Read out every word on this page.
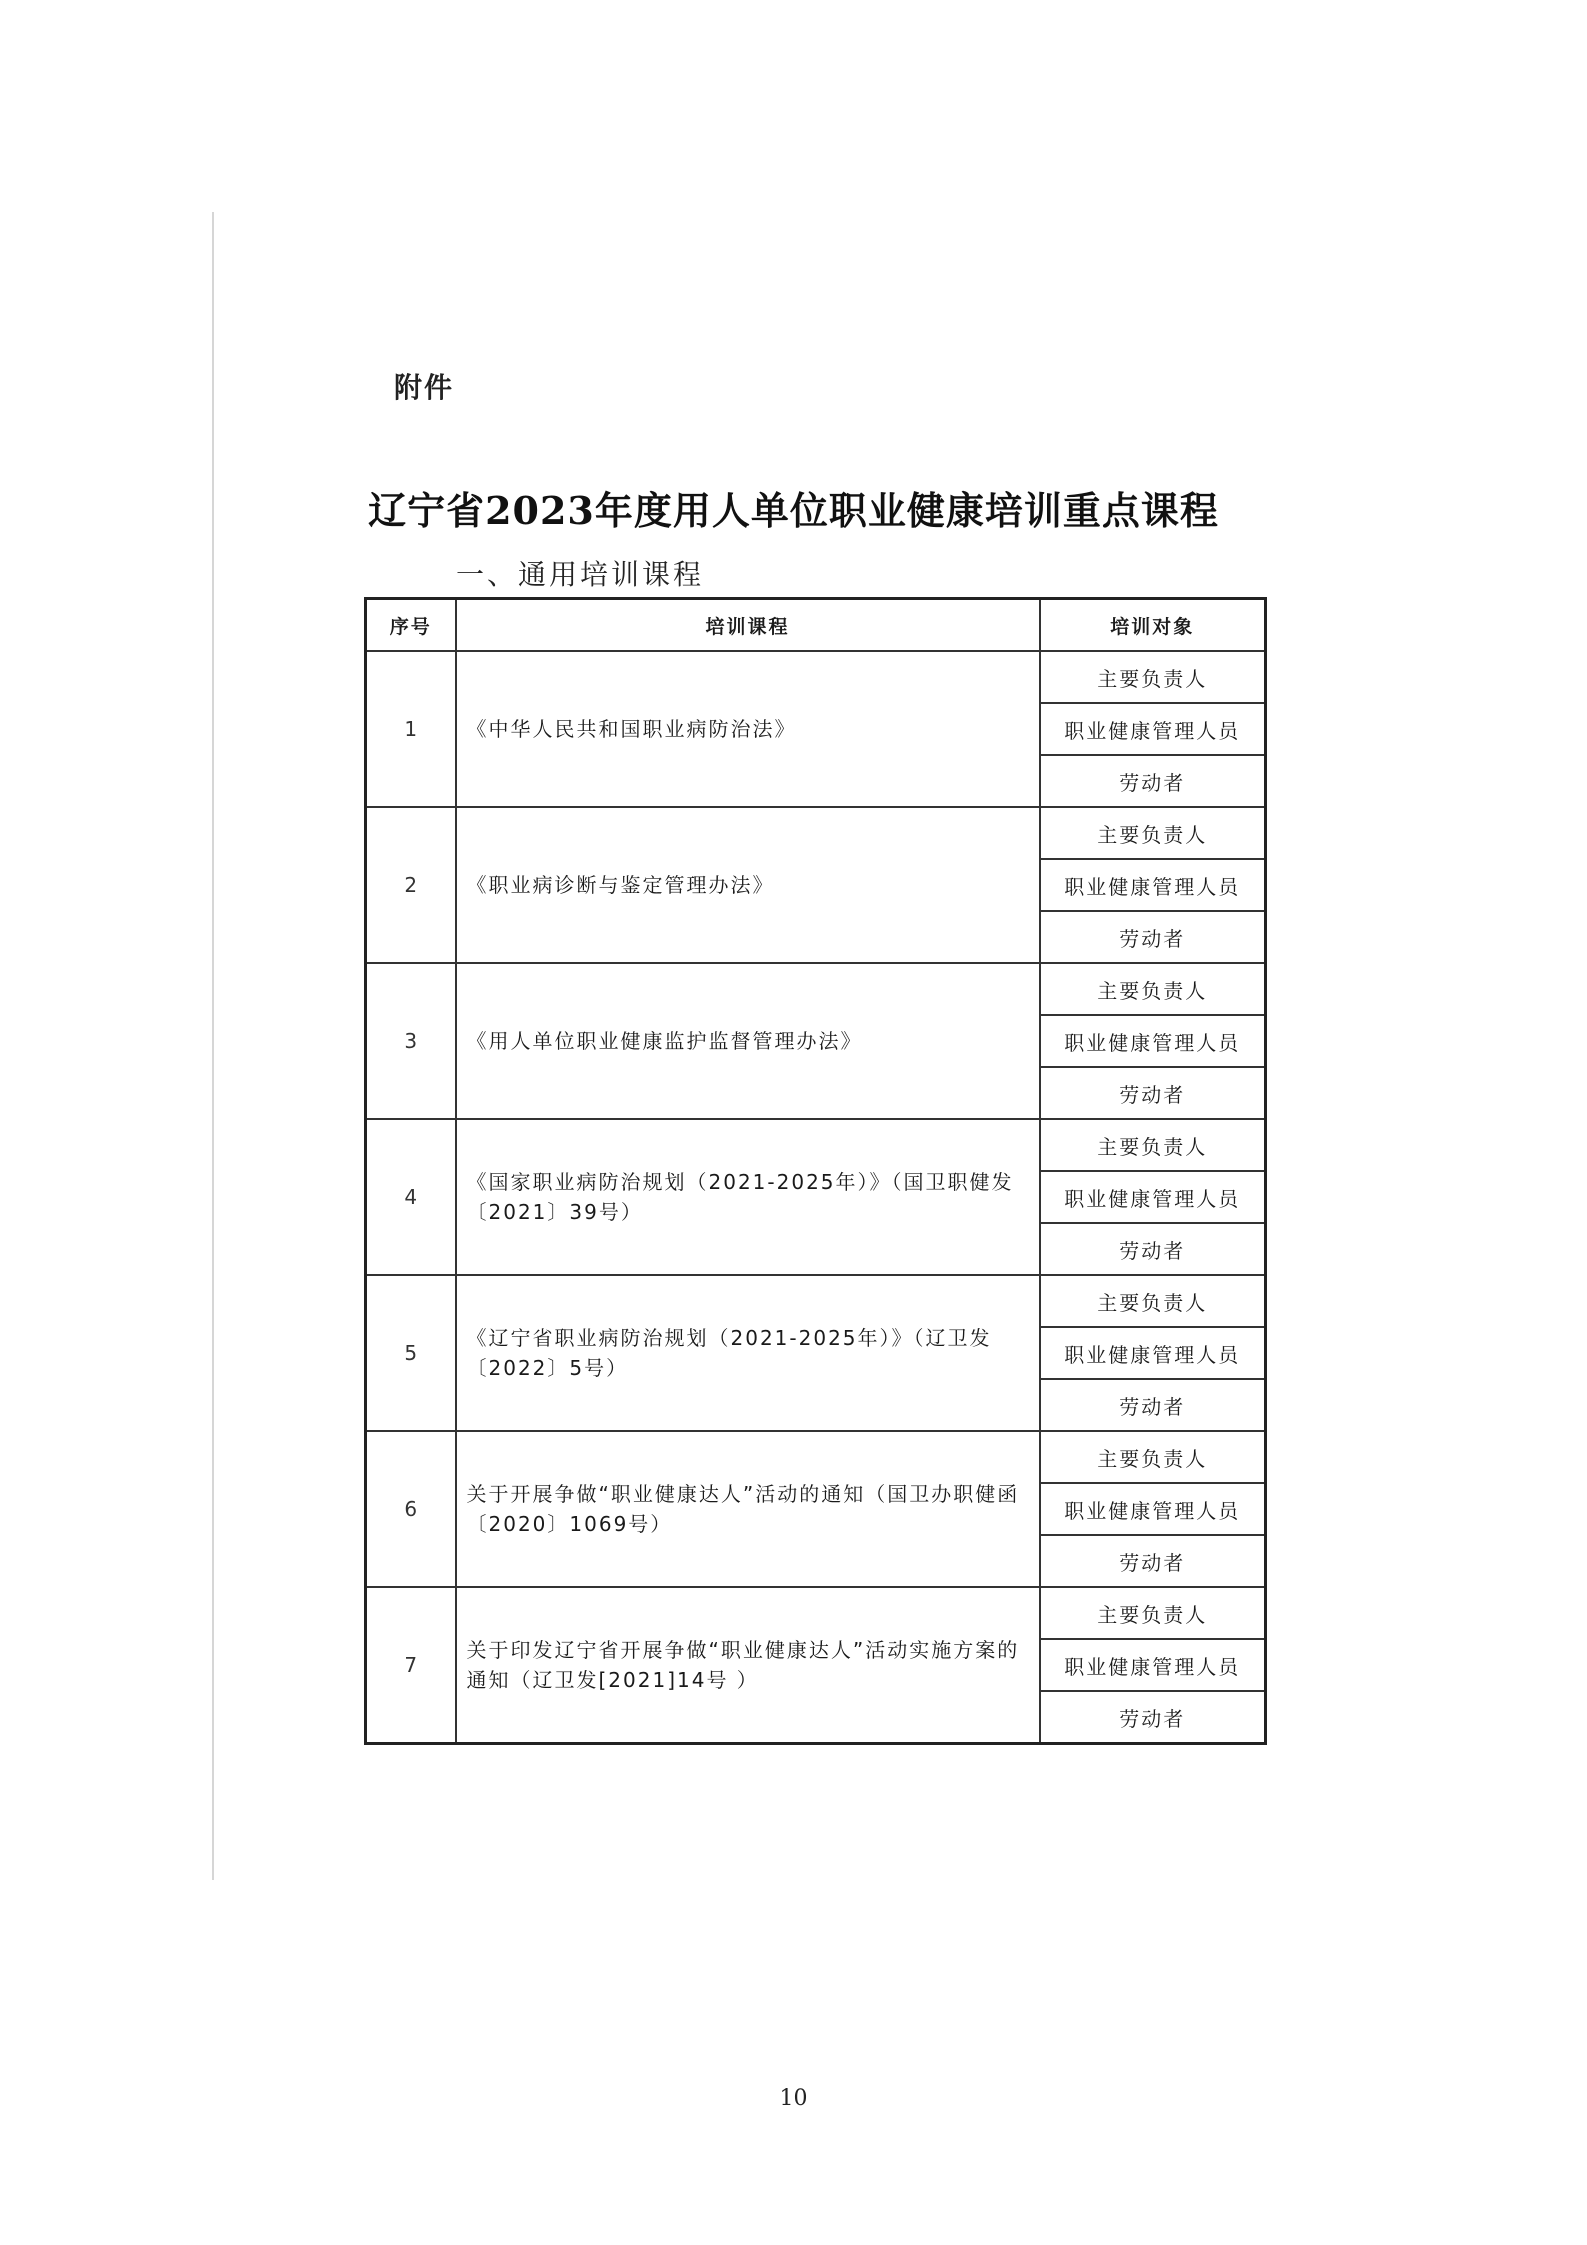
附件
辽宁省2023年度用人单位职业健康培训重点课程
一、通用培训课程
序号	培训课程	培训对象
1	《中华人民共和国职业病防治法》	主要负责人
		职业健康管理人员
		劳动者
2	《职业病诊断与鉴定管理办法》	主要负责人
		职业健康管理人员
		劳动者
3	《用人单位职业健康监护监督管理办法》	主要负责人
		职业健康管理人员
		劳动者
4	《国家职业病防治规划（2021-2025年）》（国卫职健发〔2021〕39号）	主要负责人
		职业健康管理人员
		劳动者
5	《辽宁省职业病防治规划（2021-2025年）》（辽卫发〔2022〕5号）	主要负责人
		职业健康管理人员
		劳动者
6	关于开展争做“职业健康达人”活动的通知（国卫办职健函〔2020〕1069号）	主要负责人
		职业健康管理人员
		劳动者
7	关于印发辽宁省开展争做“职业健康达人”活动实施方案的通知（辽卫发[2021]14号 ）	主要负责人
		职业健康管理人员
		劳动者
10
